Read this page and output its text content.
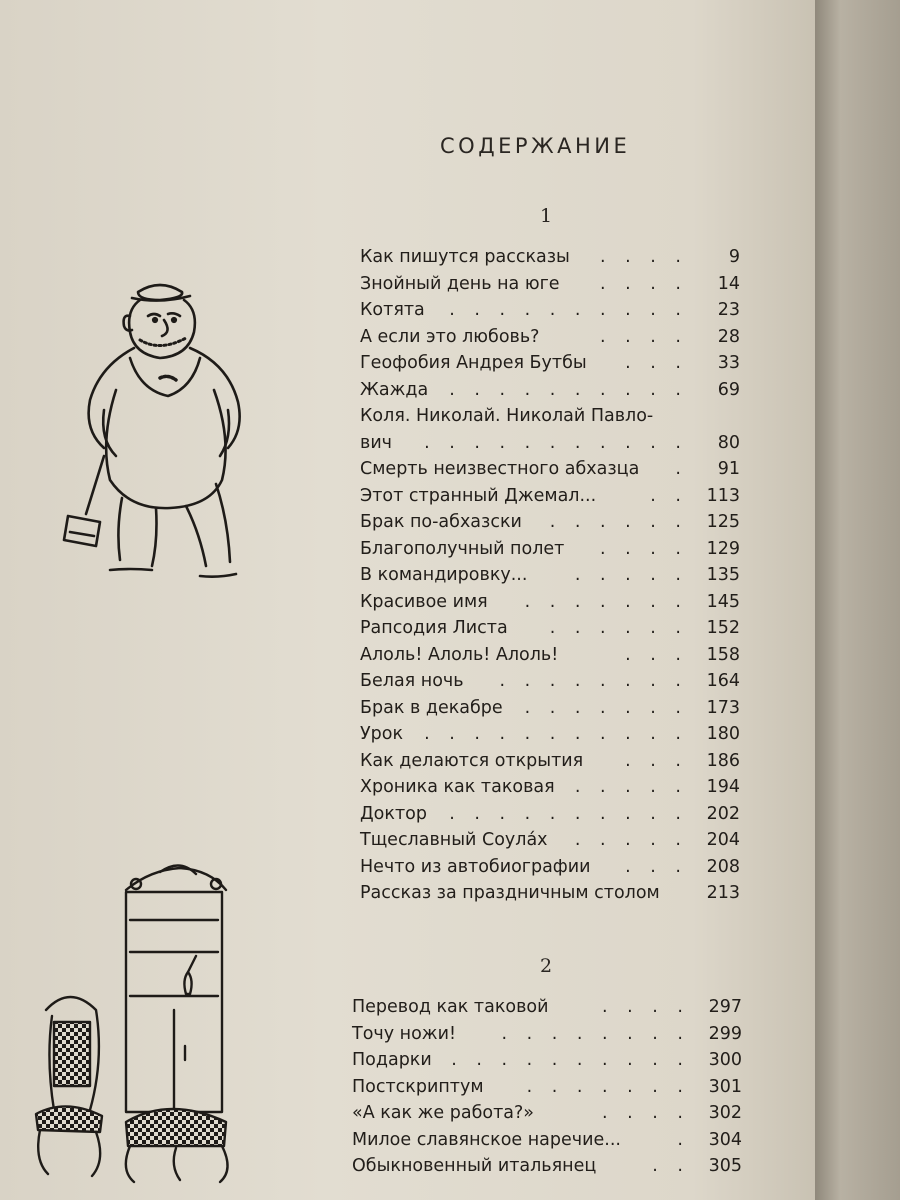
СОДЕРЖАНИЕ
1
Как пишутся рассказы . . . . 9
Знойный день на юге . . . . 14
Котята . . . . . . . . . . 23
А если это любовь?	. . . . 28
Геофобия Андрея Бутбы . . . 33
Жажда . . . . . . . . . . 69
Коля. Николай. Николай Павло-
вич . . . . . . . . . . . 80
Смерть неизвестного абхазца . 91
Этот странный Джемал...	. . 113
Брак по-абхазски . . . . . . 125
Благополучный полет . . . . 129
В командировку...	. . . . . 135
Красивое имя . . . . . . . 145
Рапсодия Листа . . . . . . 152
Алоль! Алоль! Алоль!	. . . 158
Белая ночь . . . . . . . . 164
Брак в декабре . . . . . . . 173
Урок . . . . . . . . . . . 180
Как делаются открытия . . . 186
Хроника как таковая . . . . . 194
Доктор . . . . . . . . . . 202
Тщеславный Соула́х . . . . . 204
Нечто из автобиографии . . . 208
Рассказ за праздничным столом	213
2
Перевод как таковой	. . . . 297
Точу ножи!	. . . . . . . . 299
Подарки . . . . . . . . . . 300
Постскриптум . . . . . . . 301
«А как же работа?»	. . . . 302
Милое славянское наречие...	. 304
Обыкновенный итальянец	. . 305
